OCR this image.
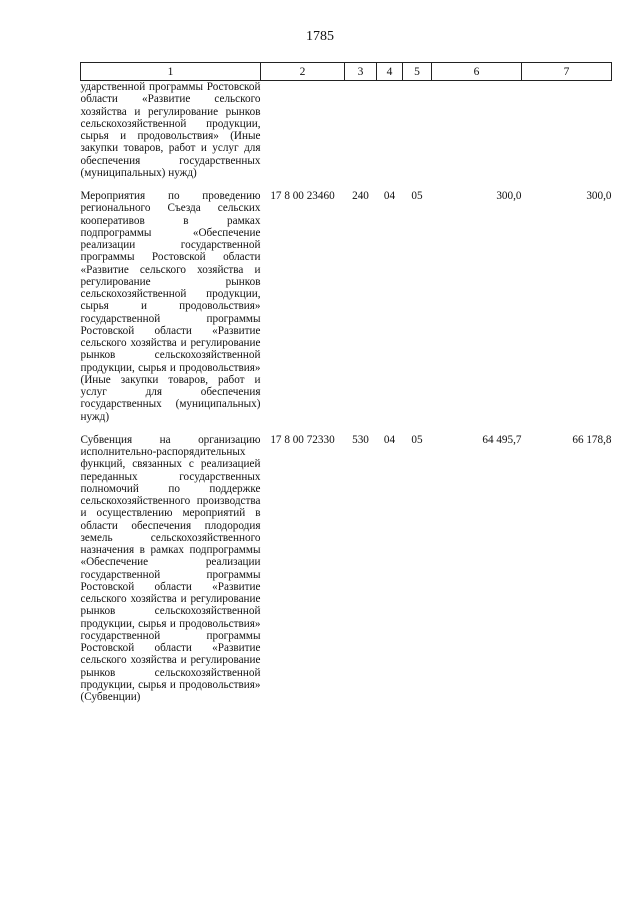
1785
1	2	3	4	5	6	7
ударственной программы Ростовской области «Развитие сельского хозяйства и регулирование рынков сельскохозяйственной продукции, сырья и продовольствия» (Иные закупки товаров, работ и услуг для обеспечения государственных (муниципальных) нужд)						

Мероприятия по проведению регионального Съезда сельских кооперативов в рамках подпрограммы «Обеспечение реализации государственной программы Ростовской области «Развитие сельского хозяйства и регулирование рынков сельскохозяйственной продукции, сырья и продовольствия» государственной программы Ростовской области «Развитие сельского хозяйства и регулирование рынков сельскохозяйственной продукции, сырья и продовольствия» (Иные закупки товаров, работ и услуг для обеспечения государственных (муниципальных) нужд)	17 8 00 23460	240	04	05	300,0	300,0

Субвенция на организацию исполнительно-распорядительных функций, связанных с реализацией переданных государственных полномочий по поддержке сельскохозяйственного производства и осуществлению мероприятий в области обеспечения плодородия земель сельскохозяйственного назначения в рамках подпрограммы «Обеспечение реализации государственной программы Ростовской области «Развитие сельского хозяйства и регулирование рынков сельскохозяйственной продукции, сырья и продовольствия» государственной программы Ростовской области «Развитие сельского хозяйства и регулирование рынков сельскохозяйственной продукции, сырья и продовольствия» (Субвенции)	17 8 00 72330	530	04	05	64 495,7	66 178,8
